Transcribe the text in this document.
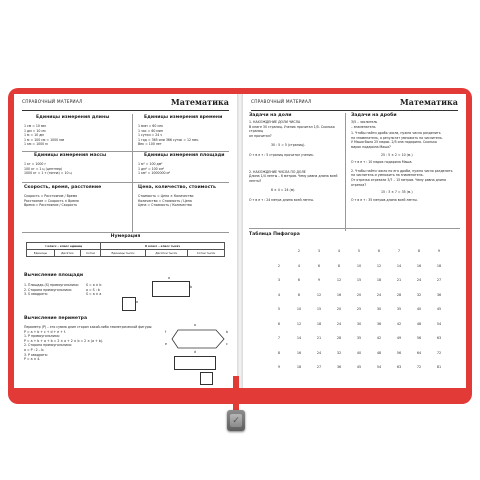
СПРАВОЧНЫЙ МАТЕРИАЛ	Математика
Единицы измерения длины
1 см = 10 мм
1 дм = 10 см
1 м = 10 дм
1 м = 100 см = 1000 мм
1 км = 1000 м
Единицы измерения времени
1 мин = 60 сек
1 час = 60 мин
1 сутки = 24 ч
1 год = 365 или 366 суток = 12 мес.
Век = 100 лет
Единицы измерения массы
1 кг = 1000 г
100 кг = 1 ц (центнер)
1000 кг = 1 т (тонна) = 10 ц
Единицы измерения площади
1 м² = 100 дм²
1 дм² = 100 см²
1 км² = 1000000 м²
Скорость, время, расстояние
Скорость = Расстояние / Время
Расстояние = Скорость × Время
Время = Расстояние / Скорость
Цена, количество, стоимость
Стоимость = Цена × Количество
Количество = Стоимость / Цена
Цена = Стоимость / Количество
Нумерация
I класс – класс единиц			II класс – класс тысяч		
Единицы	Десятки	Сотни	Единицы тысяч	Десятки тысяч	Сотни тысяч
Вычисление площади
1. Площадь (S) прямоугольника:
2. Сторона прямоугольника:
3. S квадрата:
S = a × b
a = S : b
S = a × a
a
b
a
Вычисление периметра
Периметр (P) – это сумма длин сторон какой-либо геометрической фигуры:
P = a + b + c + d + e + f.
1. P прямоугольника:
P = a + b + a + b = 2 × a + 2 × b = 2 × (a + b).
2. Сторона прямоугольника:
a = P : 2 – b.
3. P квадрата:
P = a × 4.
a
b
c
d
e
f
СПРАВОЧНЫЙ МАТЕРИАЛ	Математика
Задачи на доли
1. НАХОЖДЕНИЕ ДОЛИ ЧИСЛА
В книге 30 страниц. Ученик прочитал 1/5. Сколько страниц
он прочитал?
30 : 5 = 5 (страниц).
О т в е т : 5 страниц прочитал ученик.
2. НАХОЖДЕНИЕ ЧИСЛА ПО ДОЛЕ
Длина 1/4 ленты – 6 метров. Чему равна длина всей ленты?
6 × 4 = 24 (м).
О т в е т : 24 метра длина всей ленты.
Задачи на дроби
3/5 – числитель
– знаменатель
1. Чтобы найти дробь числа, нужно число разделить
на знаменатель, а результат умножить на числитель.
У Маши было 25 марок. 2/5 она подарила. Сколько
марок подарила Маша?
25 : 5 × 2 = 10 (м.)
О т в е т : 10 марок подарила Маша.
2. Чтобы найти число по его дроби, нужно число разделить
на числитель и умножить на знаменатель.
От отрезка отрезали 3/7 – 15 метров. Чему равна длина
отрезка?
15 : 3 × 7 = 35 (м.)
О т в е т : 35 метров длина всей ленты.
Таблица Пифагора
	2	3	4	5	6	7	8	9
2	4	6	8	10	12	14	16	18
3	6	9	12	15	18	21	24	27
4	8	12	16	20	24	28	32	36
5	10	15	20	25	30	35	40	45
6	12	18	24	30	36	42	48	54
7	14	21	28	35	42	49	56	63
8	16	24	32	40	48	56	64	72
9	18	27	36	45	54	63	72	81
✓
